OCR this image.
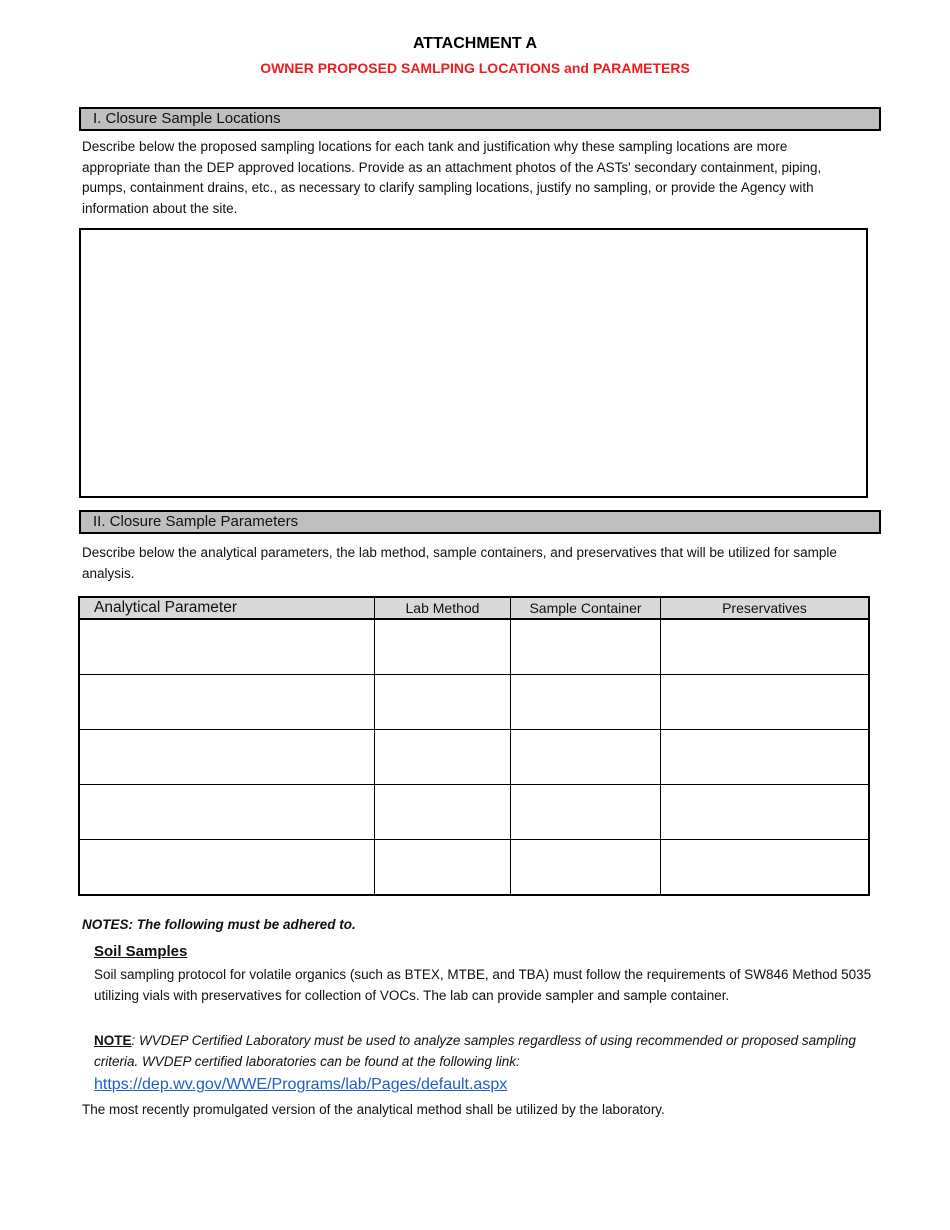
ATTACHMENT A
OWNER PROPOSED SAMLPING LOCATIONS and PARAMETERS
I. Closure Sample Locations

Describe below the proposed sampling locations for each tank and justification why these sampling locations are more appropriate than the DEP approved locations. Provide as an attachment photos of the ASTs' secondary containment, piping, pumps, containment drains, etc., as necessary to clarify sampling locations, justify no sampling, or provide the Agency with information about the site.

II. Closure Sample Parameters

Describe below the analytical parameters, the lab method, sample containers, and preservatives that will be utilized for sample analysis.

Analytical Parameter	Lab Method	Sample Container	Preservatives

NOTES: The following must be adhered to.
Soil Samples

Soil sampling protocol for volatile organics (such as BTEX, MTBE, and TBA) must follow the requirements of SW846 Method 5035 utilizing vials with preservatives for collection of VOCs. The lab can provide sampler and sample container.

NOTE: WVDEP Certified Laboratory must be used to analyze samples regardless of using recommended or proposed sampling criteria. WVDEP certified laboratories can be found at the following link:

https://dep.wv.gov/WWE/Programs/lab/Pages/default.aspx

The most recently promulgated version of the analytical method shall be utilized by the laboratory.
